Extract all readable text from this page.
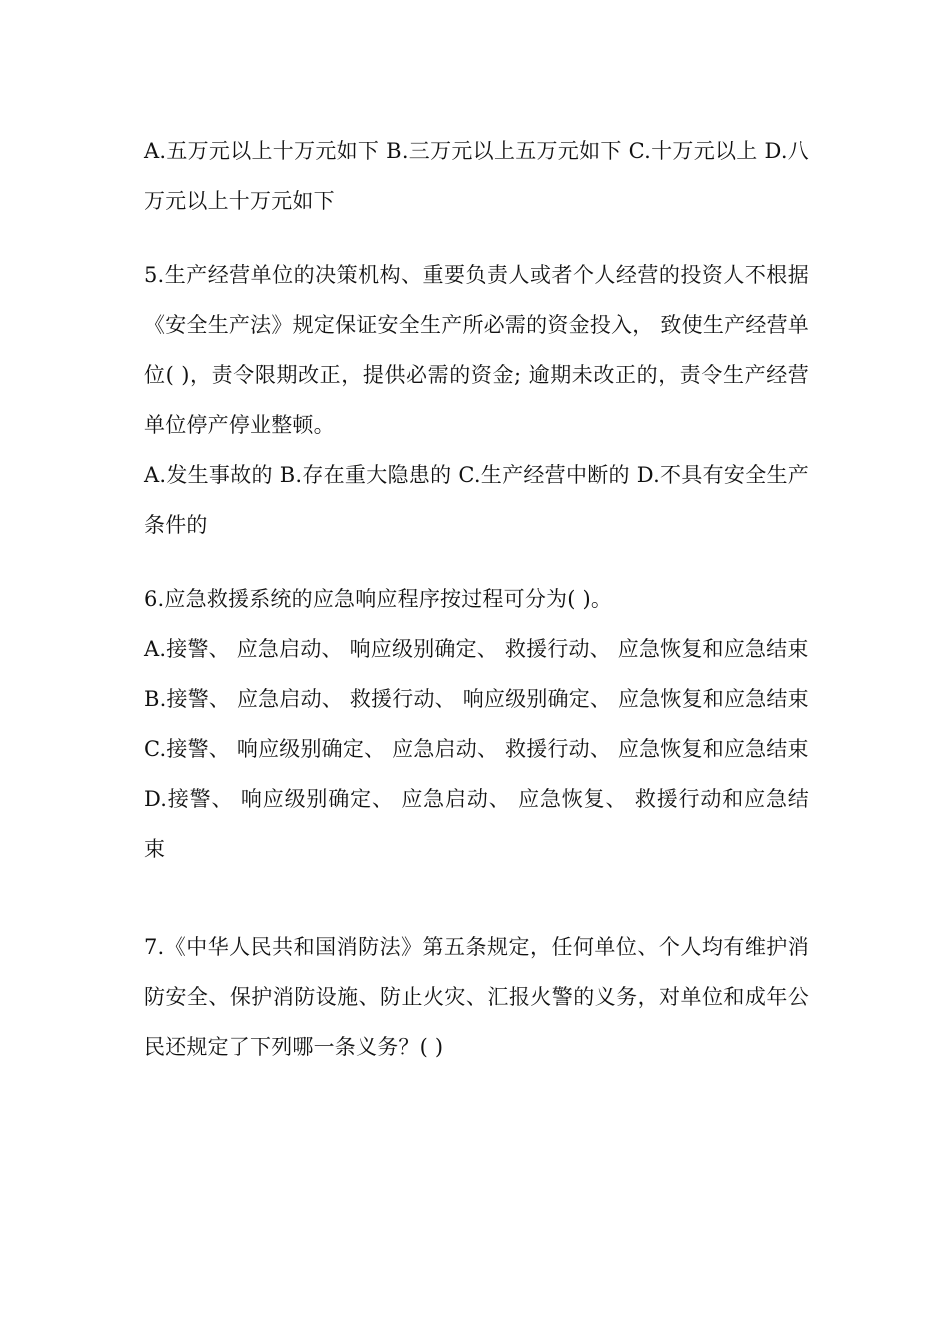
A.五万元以上十万元如下 B.三万元以上五万元如下 C.十万元以上 D.八万元以上十万元如下

5.生产经营单位的决策机构、重要负责人或者个人经营的投资人不根据《安全生产法》规定保证安全生产所必需的资金投入， 致使生产经营单位( )，责令限期改正，提供必需的资金; 逾期未改正的，责令生产经营单位停产停业整顿。

A.发生事故的 B.存在重大隐患的 C.生产经营中断的 D.不具有安全生产条件的

6.应急救援系统的应急响应程序按过程可分为( )。

A.接警、 应急启动、 响应级别确定、 救援行动、 应急恢复和应急结束

B.接警、 应急启动、 救援行动、 响应级别确定、 应急恢复和应急结束

C.接警、 响应级别确定、 应急启动、 救援行动、 应急恢复和应急结束

D.接警、 响应级别确定、 应急启动、 应急恢复、 救援行动和应急结束

7.《中华人民共和国消防法》第五条规定，任何单位、个人均有维护消防安全、保护消防设施、防止火灾、汇报火警的义务，对单位和成年公民还规定了下列哪一条义务？( )
